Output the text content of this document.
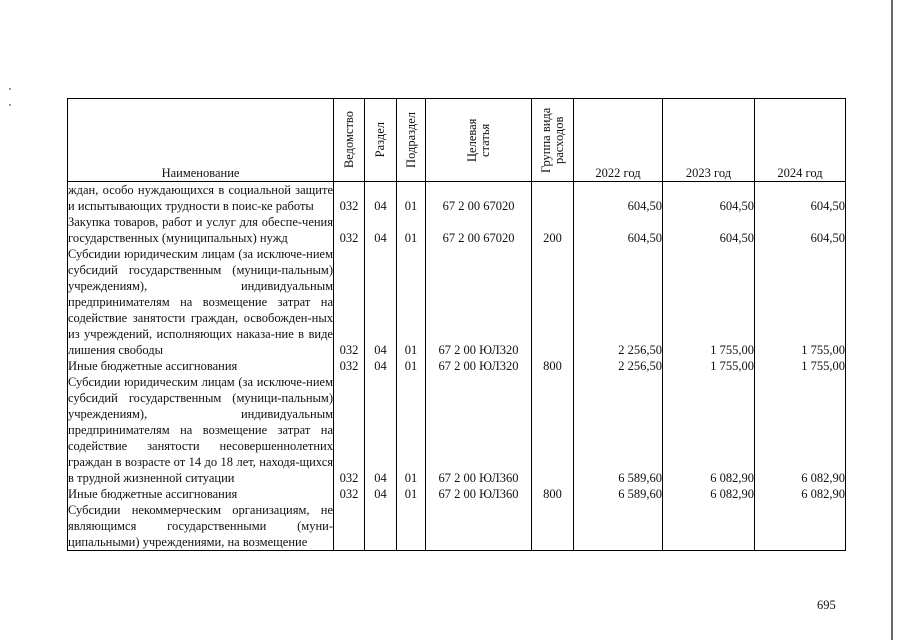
Наименование	Ведомство	Раздел	Подраздел	Целевая статья	Группа вида расходов	2022 год	2023 год	2024 год
ждан, особо нуждающихся в социальной защите и испытывающих трудности в поис-ке работы	032	04	01	67 2 00 67020		604,50	604,50	604,50
Закупка товаров, работ и услуг для обеспе-чения государственных (муниципальных) нужд	032	04	01	67 2 00 67020	200	604,50	604,50	604,50
Субсидии юридическим лицам (за исключе-нием субсидий государственным (муници-пальным) учреждениям), индивидуальным предпринимателям на возмещение затрат на содействие занятости граждан, освобожден-ных из учреждений, исполняющих наказа-ние в виде лишения свободы	032	04	01	67 2 00 ЮЛ320		2 256,50	1 755,00	1 755,00
Иные бюджетные ассигнования	032	04	01	67 2 00 ЮЛ320	800	2 256,50	1 755,00	1 755,00
Субсидии юридическим лицам (за исключе-нием субсидий государственным (муници-пальным) учреждениям), индивидуальным предпринимателям на возмещение затрат на содействие занятости несовершеннолетних граждан в возрасте от 14 до 18 лет, находя-щихся в трудной жизненной ситуации	032	04	01	67 2 00 ЮЛ360		6 589,60	6 082,90	6 082,90
Иные бюджетные ассигнования	032	04	01	67 2 00 ЮЛ360	800	6 589,60	6 082,90	6 082,90
Субсидии некоммерческим организациям, не являющимся государственными (муни-ципальными) учреждениями, на возмещение								
695
